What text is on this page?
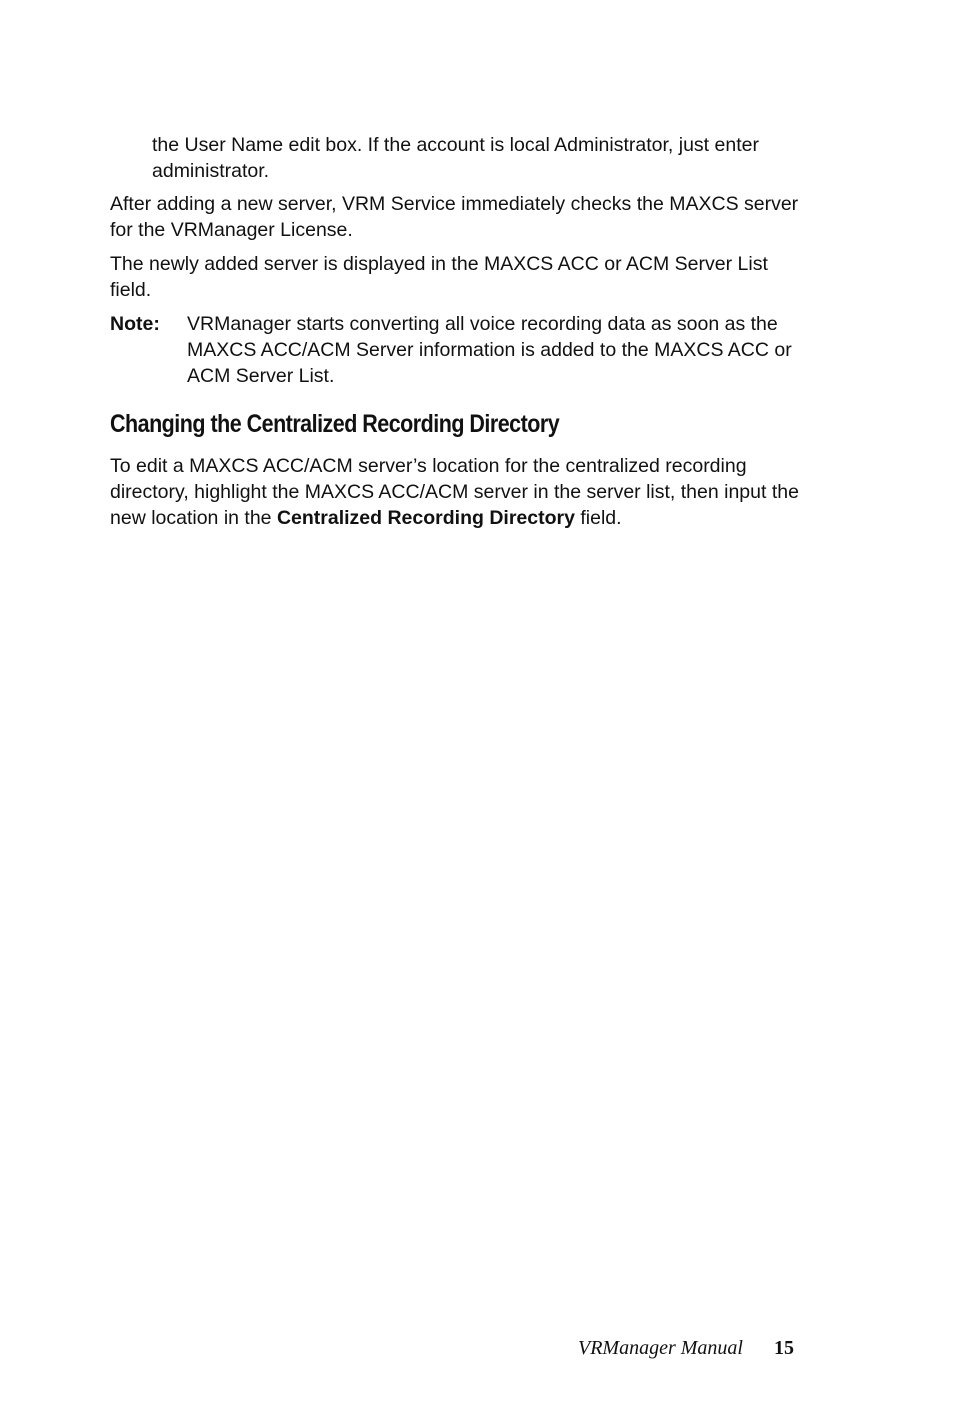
the User Name edit box. If the account is local Administrator, just enter administrator.

After adding a new server, VRM Service immediately checks the MAXCS server for the VRManager License.

The newly added server is displayed in the MAXCS ACC or ACM Server List field.

Note: VRManager starts converting all voice recording data as soon as the MAXCS ACC/ACM Server information is added to the MAXCS ACC or ACM Server List.
Changing the Centralized Recording Directory

To edit a MAXCS ACC/ACM server’s location for the centralized recording directory, highlight the MAXCS ACC/ACM server in the server list, then input the new location in the Centralized Recording Directory field.

VRManager Manual 15
